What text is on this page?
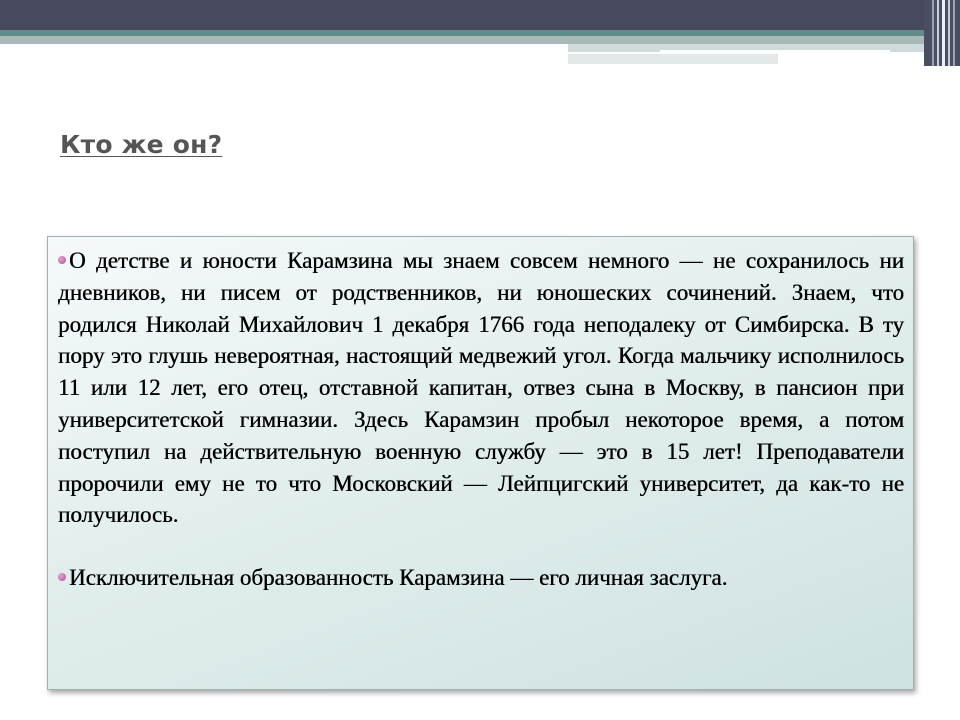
Кто же он?

О детстве и юности Карамзина мы знаем совсем немного — не сохранилось ни дневников, ни писем от родственников, ни юношеских сочинений. Знаем, что родился Николай Михайлович 1 декабря 1766 года неподалеку от Симбирска. В ту пору это глушь невероятная, настоящий медвежий угол. Когда мальчику исполнилось 11 или 12 лет, его отец, отставной капитан, отвез сына в Москву, в пансион при университетской гимназии. Здесь Карамзин пробыл некоторое время, а потом поступил на действительную военную службу — это в 15 лет! Преподаватели пророчили ему не то что Московский — Лейпцигский университет, да как-то не получилось.

Исключительная образованность Карамзина — его личная заслуга.
